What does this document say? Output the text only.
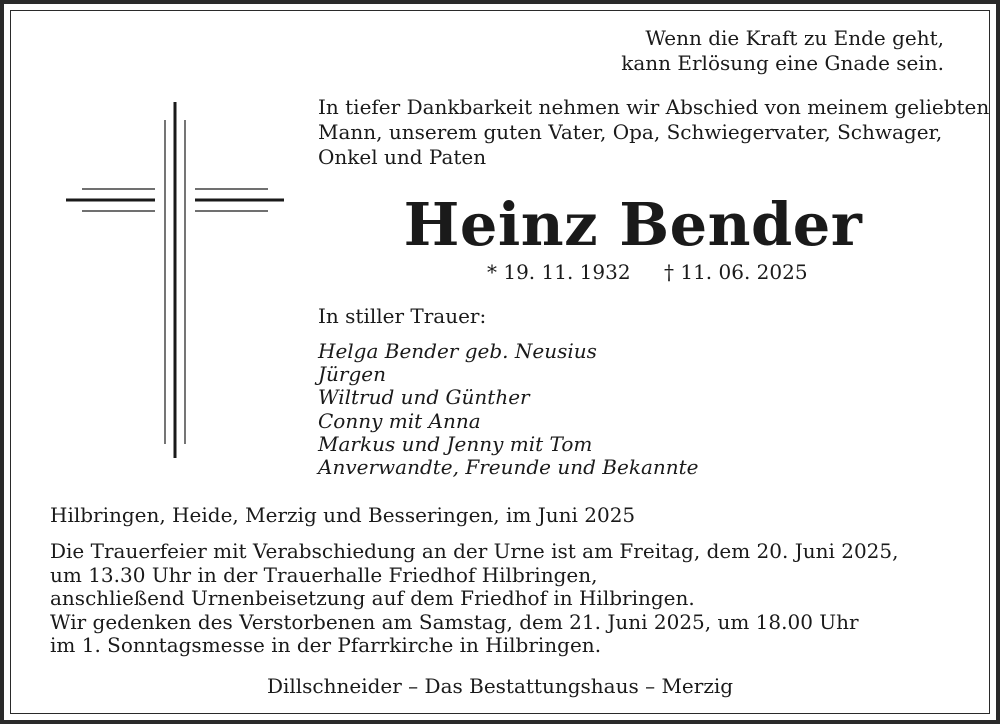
Wenn die Kraft zu Ende geht,
kann Erlösung eine Gnade sein.
In tiefer Dankbarkeit nehmen wir Abschied von meinem geliebten
Mann, unserem guten Vater, Opa, Schwiegervater, Schwager,
Onkel und Paten
Heinz Bender
* 19. 11. 1932 † 11. 06. 2025
In stiller Trauer:
Helga Bender geb. Neusius
Jürgen
Wiltrud und Günther
Conny mit Anna
Markus und Jenny mit Tom
Anverwandte, Freunde und Bekannte
Hilbringen, Heide, Merzig und Besseringen, im Juni 2025
Die Trauerfeier mit Verabschiedung an der Urne ist am Freitag, dem 20. Juni 2025,
um 13.30 Uhr in der Trauerhalle Friedhof Hilbringen,
anschließend Urnenbeisetzung auf dem Friedhof in Hilbringen.
Wir gedenken des Verstorbenen am Samstag, dem 21. Juni 2025, um 18.00 Uhr
im 1. Sonntagsmesse in der Pfarrkirche in Hilbringen.
Dillschneider – Das Bestattungshaus – Merzig
